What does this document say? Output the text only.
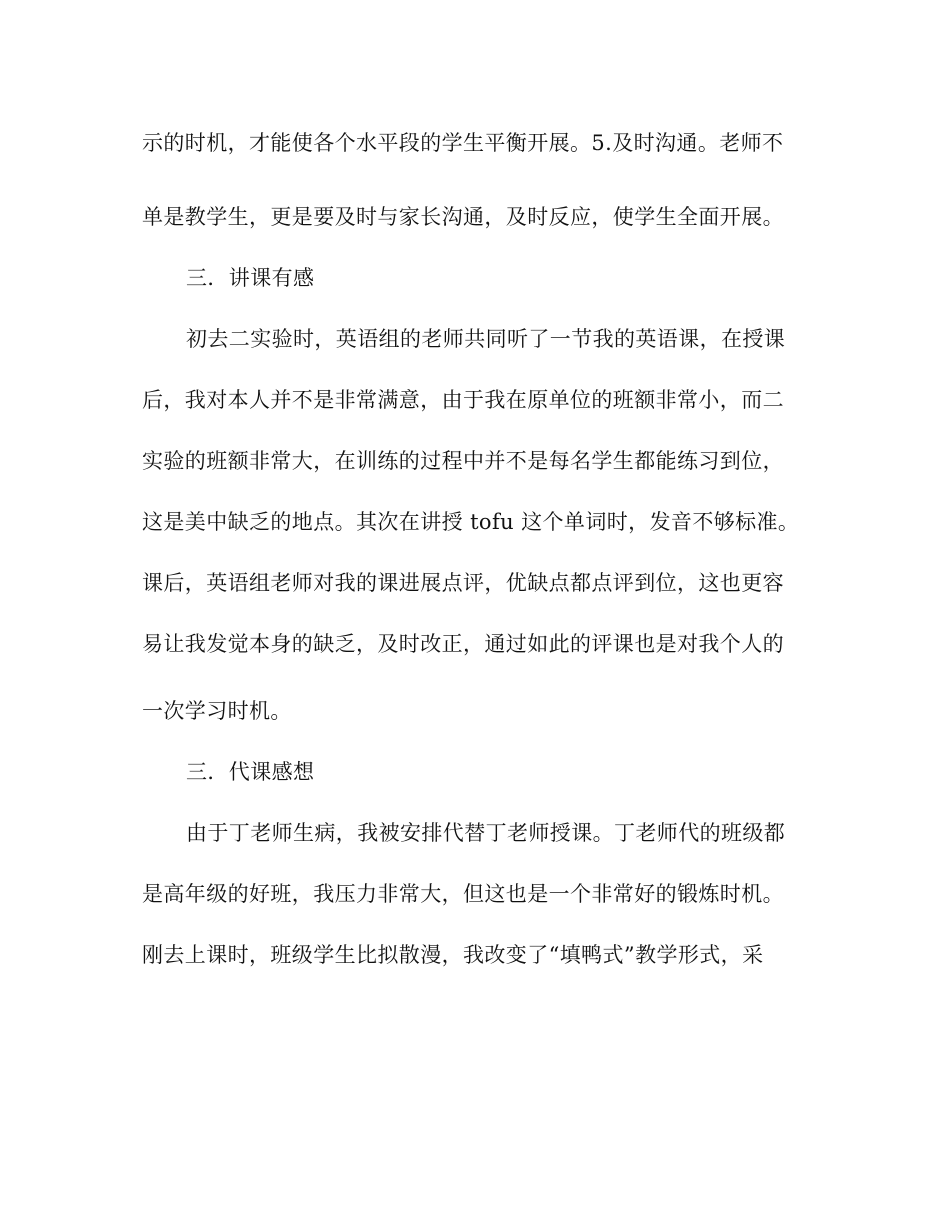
示的时机，才能使各个水平段的学生平衡开展。5.及时沟通。老师不
单是教学生，更是要及时与家长沟通，及时反应，使学生全面开展。
三．讲课有感
初去二实验时，英语组的老师共同听了一节我的英语课，在授课
后，我对本人并不是非常满意，由于我在原单位的班额非常小，而二
实验的班额非常大，在训练的过程中并不是每名学生都能练习到位，
这是美中缺乏的地点。其次在讲授 tofu 这个单词时，发音不够标准。
课后，英语组老师对我的课进展点评，优缺点都点评到位，这也更容
易让我发觉本身的缺乏，及时改正，通过如此的评课也是对我个人的
一次学习时机。
三．代课感想
由于丁老师生病，我被安排代替丁老师授课。丁老师代的班级都
是高年级的好班，我压力非常大，但这也是一个非常好的锻炼时机。
刚去上课时，班级学生比拟散漫，我改变了“填鸭式”教学形式，采
